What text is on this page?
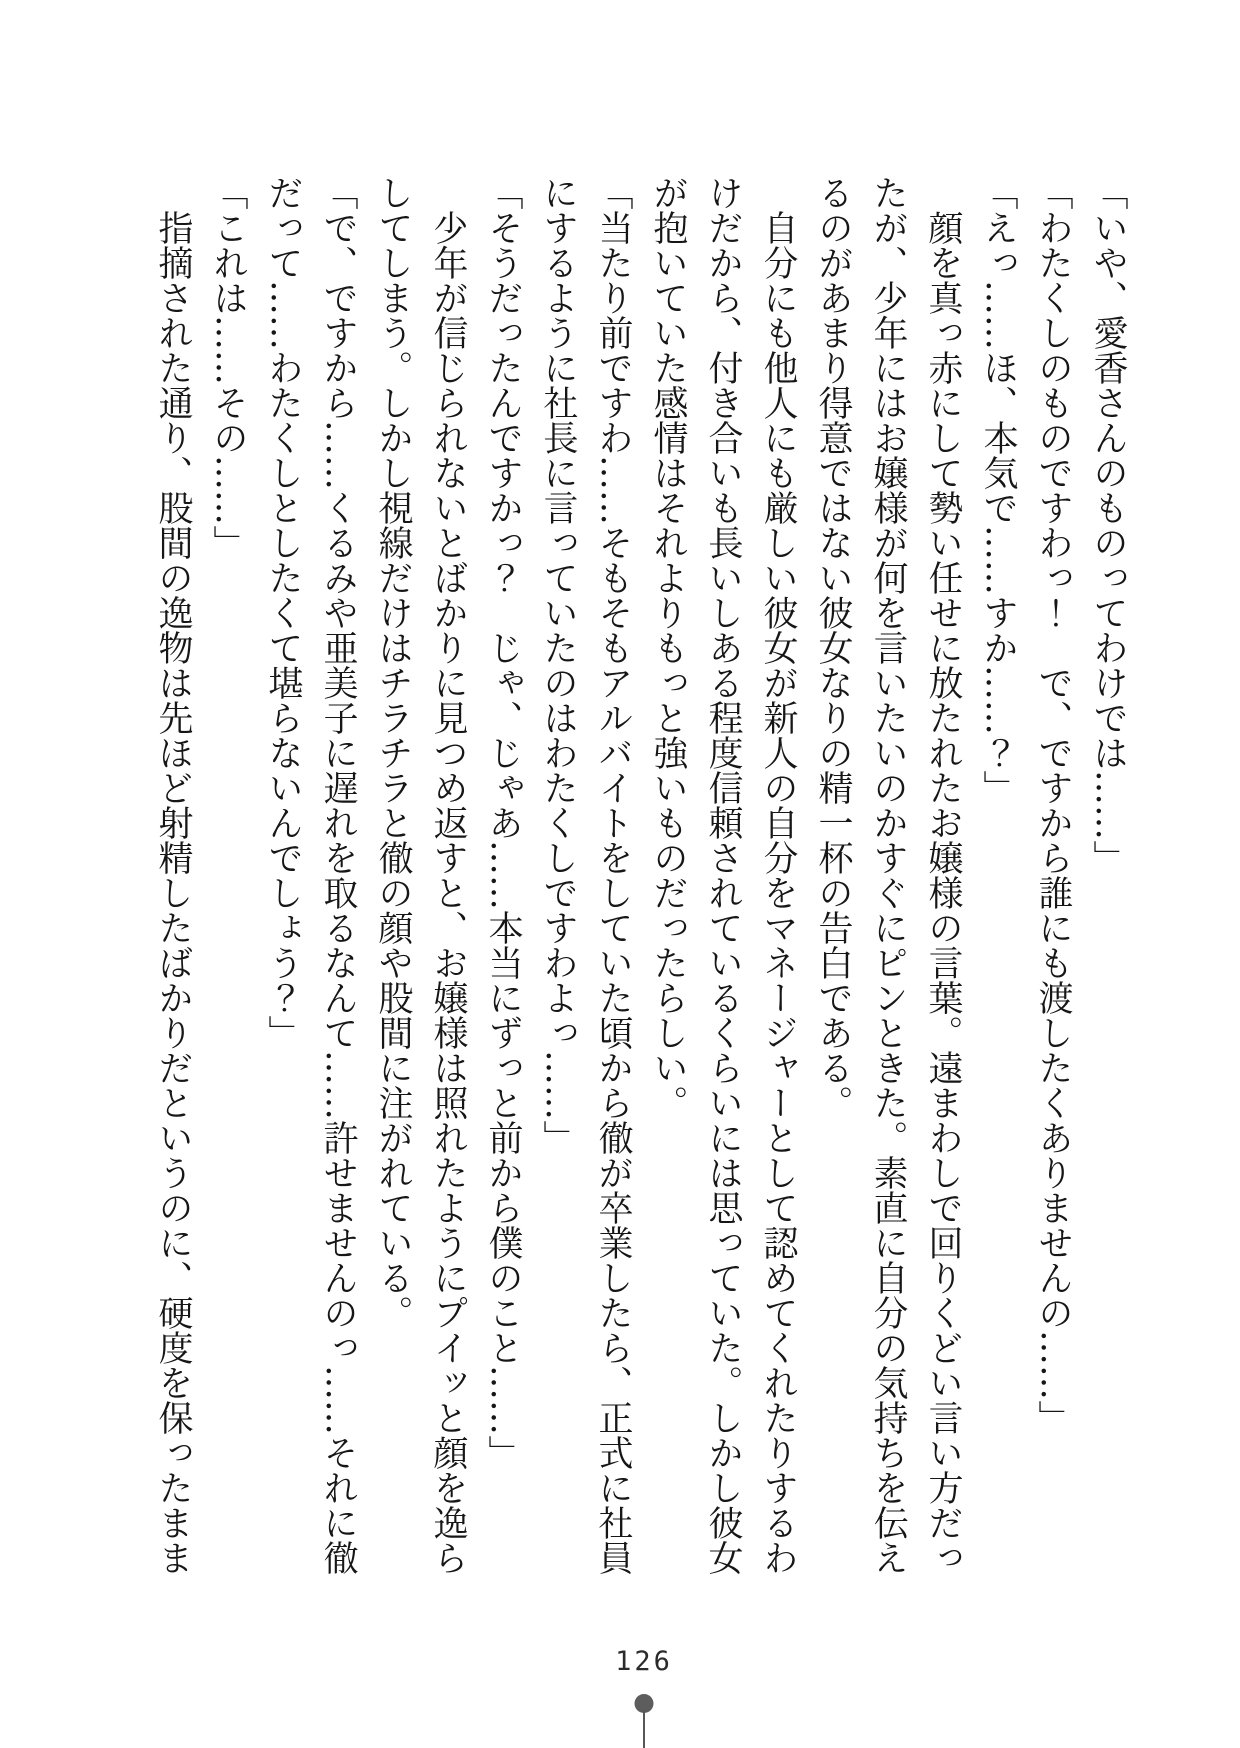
「いや、愛香さんのものってわけでは……」

「わたくしのものですわっ！　で、ですから誰にも渡したくありませんの……」

「えっ……ほ、本気で……すか……？」

顔を真っ赤にして勢い任せに放たれたお嬢様の言葉。遠まわしで回りくどい言い方だっ

たが、少年にはお嬢様が何を言いたいのかすぐにピンときた。素直に自分の気持ちを伝え

るのがあまり得意ではない彼女なりの精一杯の告白である。

自分にも他人にも厳しい彼女が新人の自分をマネージャーとして認めてくれたりするわ

けだから、付き合いも長いしある程度信頼されているくらいには思っていた。しかし彼女

が抱いていた感情はそれよりもっと強いものだったらしい。

「当たり前ですわ……そもそもアルバイトをしていた頃から徹が卒業したら、正式に社員

にするように社長に言っていたのはわたくしですわよっ……」

「そうだったんですかっ？　じゃ、じゃあ……本当にずっと前から僕のこと……」

少年が信じられないとばかりに見つめ返すと、お嬢様は照れたようにプイッと顔を逸ら

してしまう。しかし視線だけはチラチラと徹の顔や股間に注がれている。

「で、ですから……くるみや亜美子に遅れを取るなんて……許せませんのっ……それに徹

だって……わたくしとしたくて堪らないんでしょう？」

「これは……その……」

指摘された通り、股間の逸物は先ほど射精したばかりだというのに、硬度を保ったまま

126
